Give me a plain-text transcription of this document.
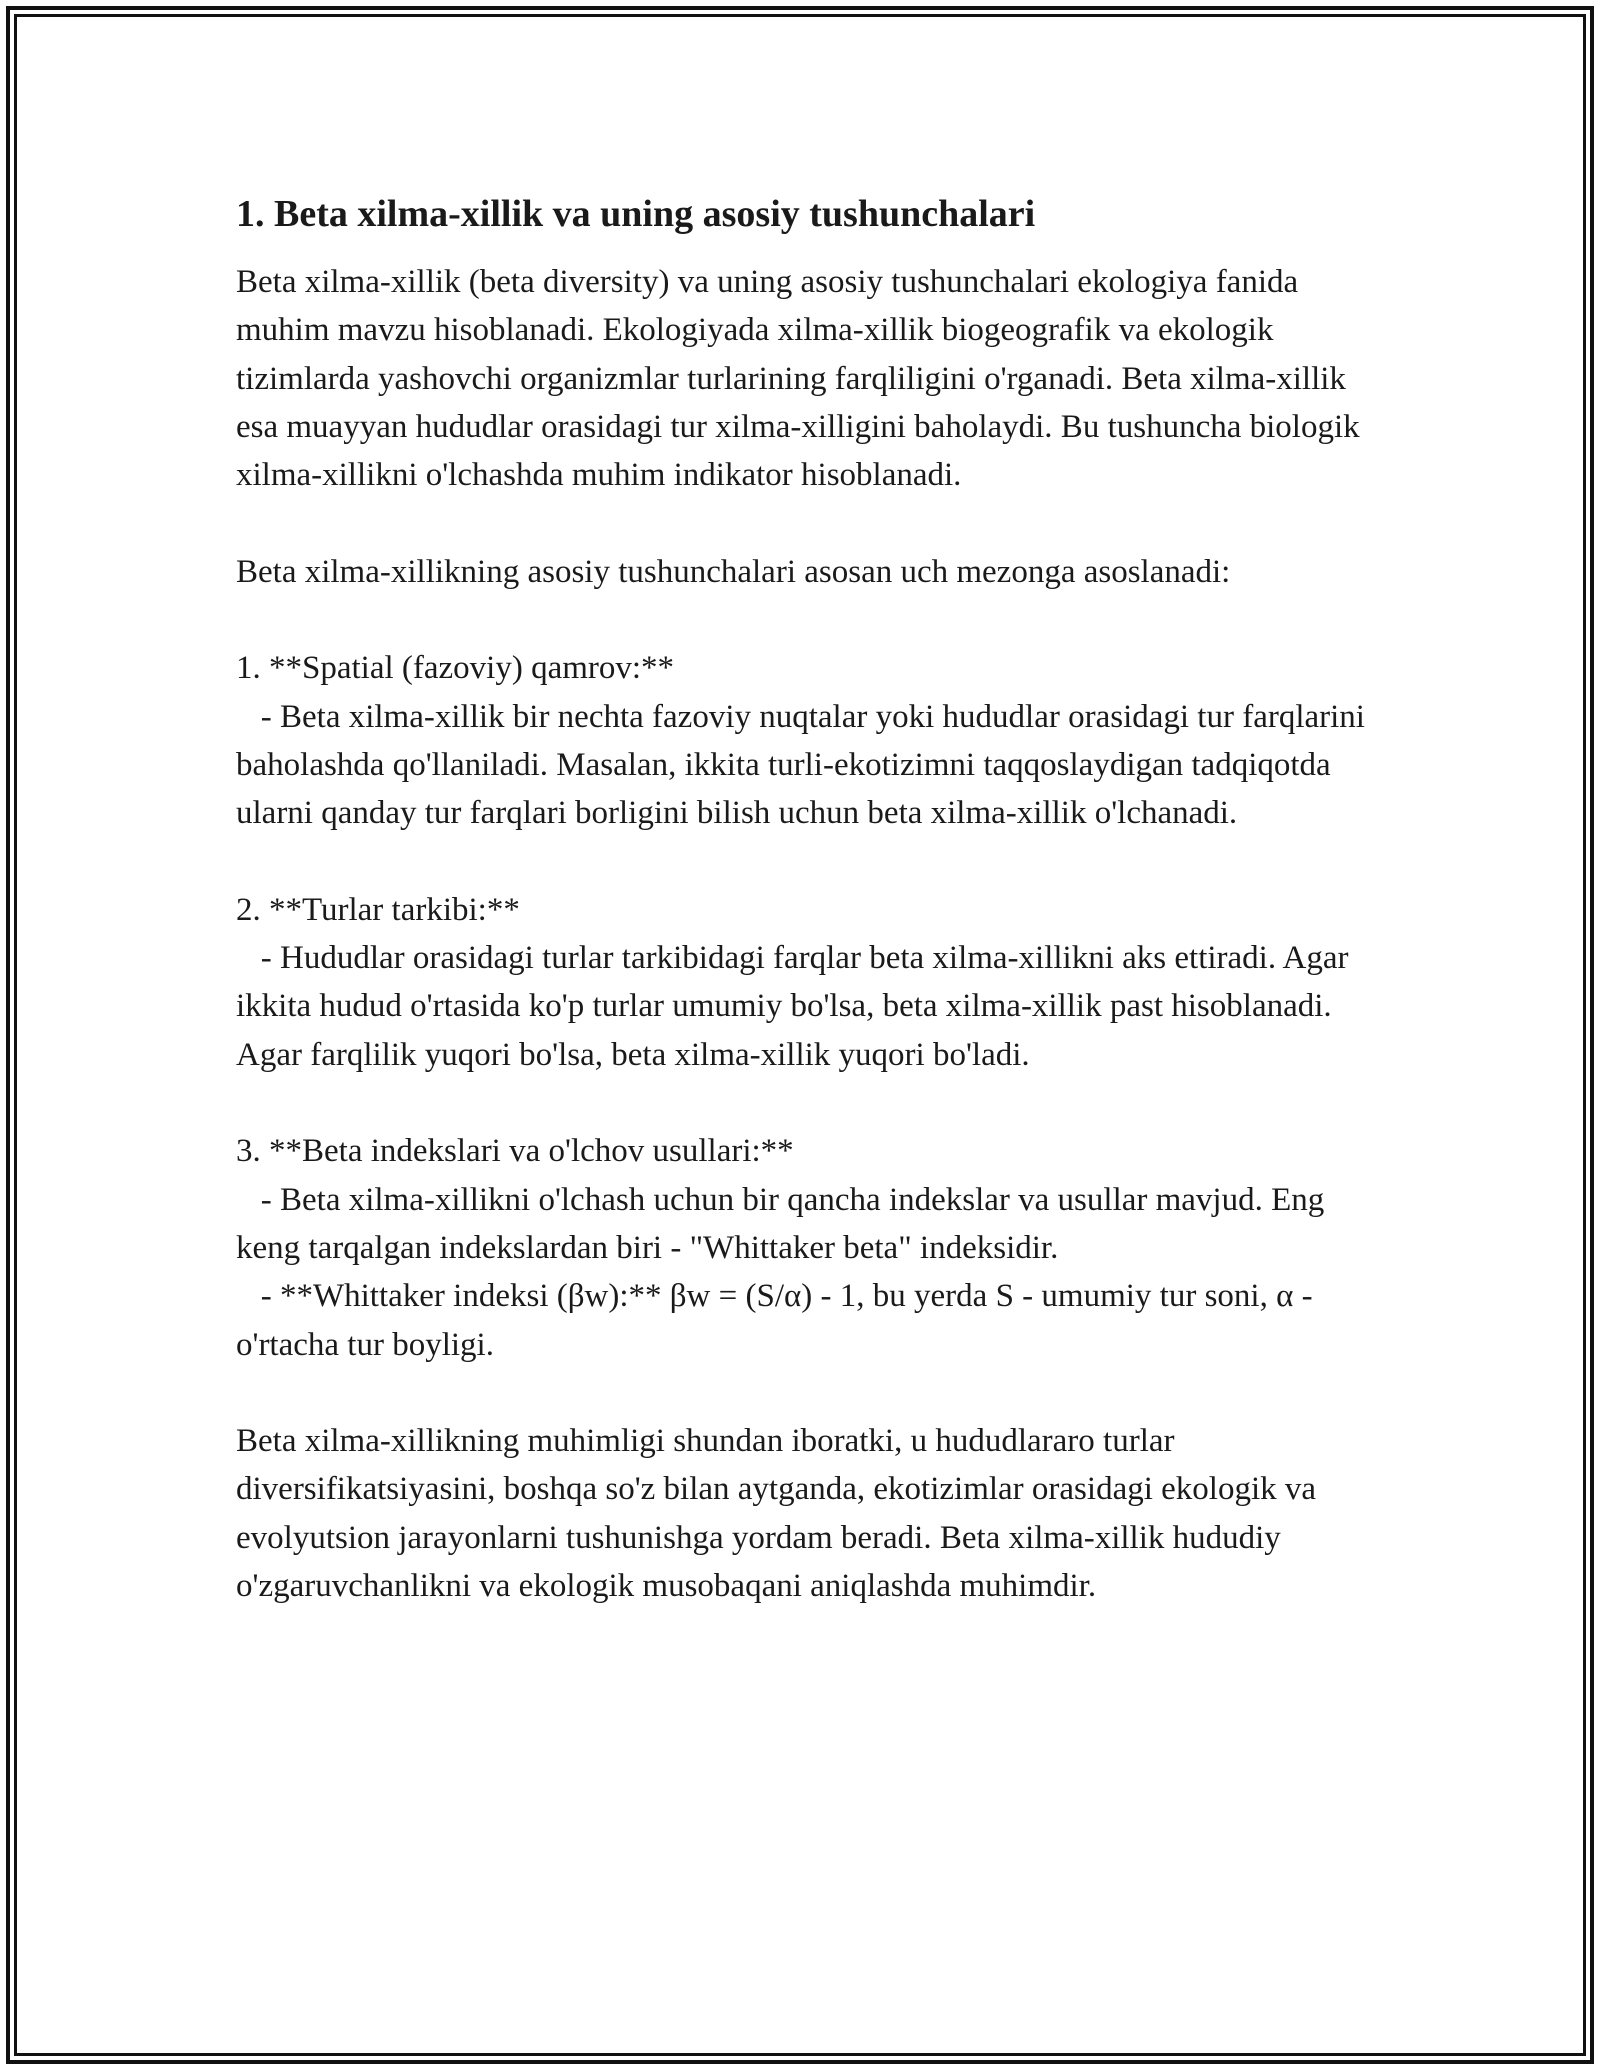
1. Beta xilma-xillik va uning asosiy tushunchalari

Beta xilma-xillik (beta diversity) va uning asosiy tushunchalari ekologiya fanida muhim mavzu hisoblanadi. Ekologiyada xilma-xillik biogeografik va ekologik tizimlarda yashovchi organizmlar turlarining farqliligini o'rganadi. Beta xilma-xillik esa muayyan hududlar orasidagi tur xilma-xilligini baholaydi. Bu tushuncha biologik xilma-xillikni o'lchashda muhim indikator hisoblanadi.

Beta xilma-xillikning asosiy tushunchalari asosan uch mezonga asoslanadi:

1. **Spatial (fazoviy) qamrov:**
- Beta xilma-xillik bir nechta fazoviy nuqtalar yoki hududlar orasidagi tur farqlarini baholashda qo'llaniladi. Masalan, ikkita turli-ekotizimni taqqoslaydigan tadqiqotda ularni qanday tur farqlari borligini bilish uchun beta xilma-xillik o'lchanadi.

2. **Turlar tarkibi:**
- Hududlar orasidagi turlar tarkibidagi farqlar beta xilma-xillikni aks ettiradi. Agar ikkita hudud o'rtasida ko'p turlar umumiy bo'lsa, beta xilma-xillik past hisoblanadi. Agar farqlilik yuqori bo'lsa, beta xilma-xillik yuqori bo'ladi.

3. **Beta indekslari va o'lchov usullari:**
- Beta xilma-xillikni o'lchash uchun bir qancha indekslar va usullar mavjud. Eng keng tarqalgan indekslardan biri - "Whittaker beta" indeksidir.
- **Whittaker indeksi (βw):** βw = (S/α) - 1, bu yerda S - umumiy tur soni, α - o'rtacha tur boyligi.

Beta xilma-xillikning muhimligi shundan iboratki, u hududlararo turlar diversifikatsiyasini, boshqa so'z bilan aytganda, ekotizimlar orasidagi ekologik va evolyutsion jarayonlarni tushunishga yordam beradi. Beta xilma-xillik hududiy o'zgaruvchanlikni va ekologik musobaqani aniqlashda muhimdir.
